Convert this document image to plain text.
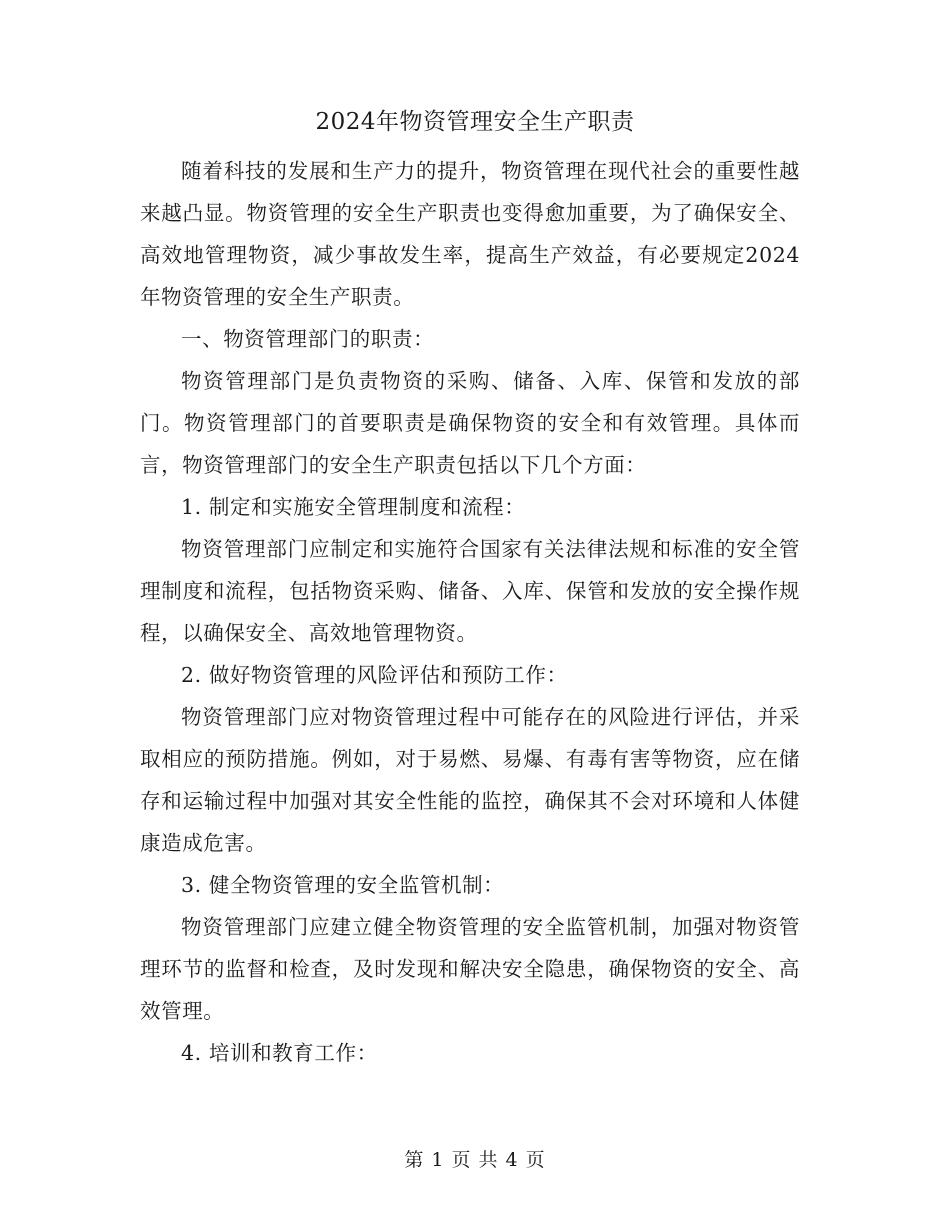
2024年物资管理安全生产职责

随着科技的发展和生产力的提升，物资管理在现代社会的重要性越来越凸显。物资管理的安全生产职责也变得愈加重要，为了确保安全、高效地管理物资，减少事故发生率，提高生产效益，有必要规定2024年物资管理的安全生产职责。

一、物资管理部门的职责：

物资管理部门是负责物资的采购、储备、入库、保管和发放的部门。物资管理部门的首要职责是确保物资的安全和有效管理。具体而言，物资管理部门的安全生产职责包括以下几个方面：

1. 制定和实施安全管理制度和流程：

物资管理部门应制定和实施符合国家有关法律法规和标准的安全管理制度和流程，包括物资采购、储备、入库、保管和发放的安全操作规程，以确保安全、高效地管理物资。

2. 做好物资管理的风险评估和预防工作：

物资管理部门应对物资管理过程中可能存在的风险进行评估，并采取相应的预防措施。例如，对于易燃、易爆、有毒有害等物资，应在储存和运输过程中加强对其安全性能的监控，确保其不会对环境和人体健康造成危害。

3. 健全物资管理的安全监管机制：

物资管理部门应建立健全物资管理的安全监管机制，加强对物资管理环节的监督和检查，及时发现和解决安全隐患，确保物资的安全、高效管理。

4. 培训和教育工作：

第 1 页 共 4 页
